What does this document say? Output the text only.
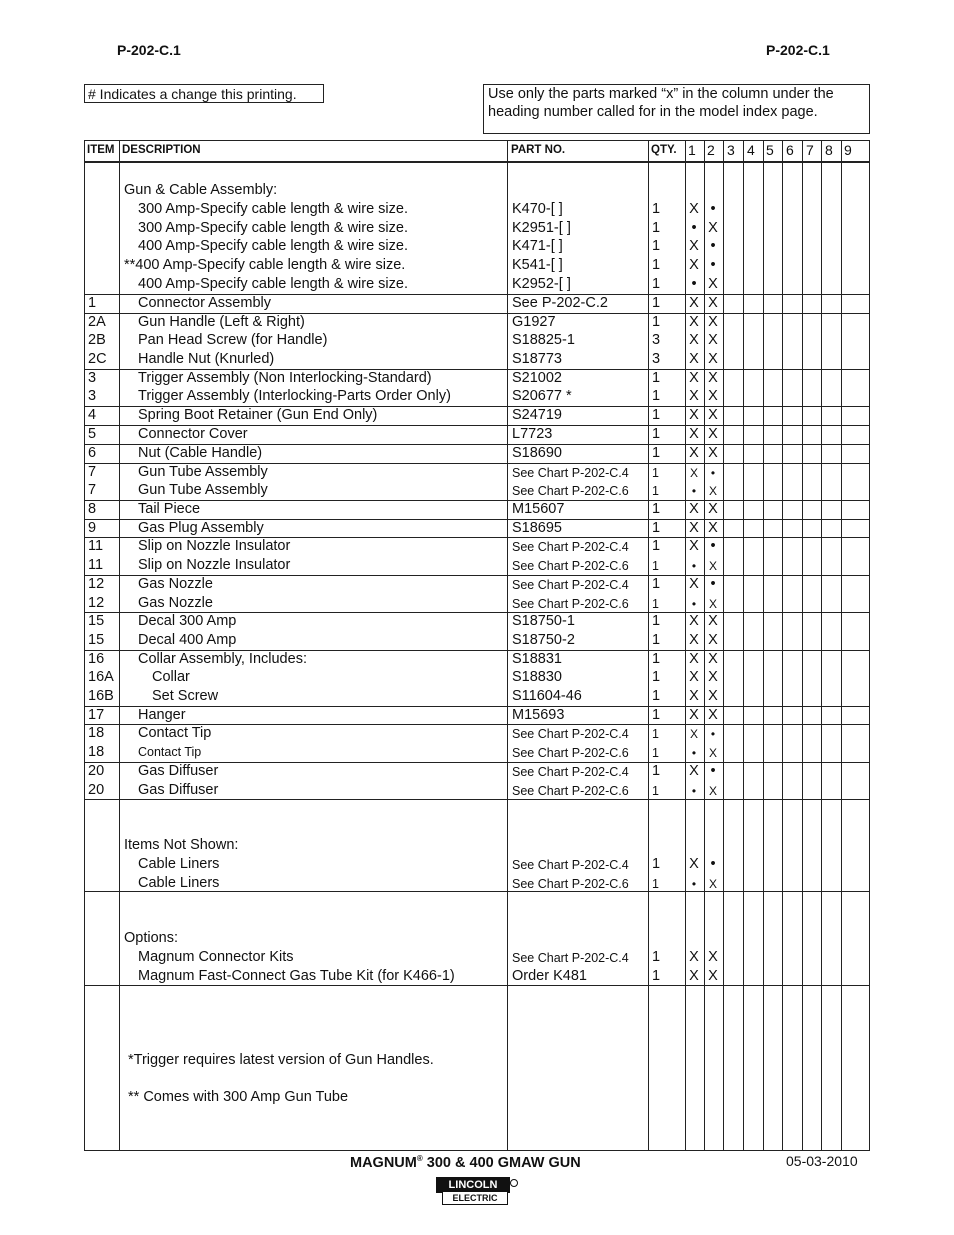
P-202-C.1	P-202-C.1
# Indicates a change this printing.	Use only the parts marked “x” in the column under the
heading number called for in the model index page.
ITEM DESCRIPTION	PART NO.	QTY. 1 2 3 4 5 6 7 8 9
Gun & Cable Assembly:
300 Amp-Specify cable length & wire size.	K470-[ ]	1 X •
300 Amp-Specify cable length & wire size.	K2951-[ ]	1 • X
400 Amp-Specify cable length & wire size.	K471-[ ]	1 X •
**400 Amp-Specify cable length & wire size.	K541-[ ]	1 X •
400 Amp-Specify cable length & wire size.	K2952-[ ]	1 • X
1	Connector Assembly	See P-202-C.2	1 X X
2A Gun Handle (Left & Right)	G1927	1 X X
2B Pan Head Screw (for Handle)	S18825-1	3 X X
2C Handle Nut (Knurled)	S18773	3 X X
3	Trigger Assembly (Non Interlocking-Standard)	S21002	1 X X
3	Trigger Assembly (Interlocking-Parts Order Only)	S20677 *	1 X X
4	Spring Boot Retainer (Gun End Only)	S24719	1 X X
5	Connector Cover	L7723	1 X X
6	Nut (Cable Handle)	S18690	1 X X
7	Gun Tube Assembly	See Chart P-202-C.4 1	X	•
7	Gun Tube Assembly	See Chart P-202-C.6 1	•	X
8	Tail Piece	M15607	1 X X
9	Gas Plug Assembly	S18695	1 X X
11 Slip on Nozzle Insulator	See Chart P-202-C.4 1 X •
11 Slip on Nozzle Insulator	See Chart P-202-C.6 1	•	X
12 Gas Nozzle	See Chart P-202-C.4 1 X •
12 Gas Nozzle	See Chart P-202-C.6 1	•	X
15 Decal 300 Amp	S18750-1	1 X X
15 Decal 400 Amp	S18750-2	1 X X
16 Collar Assembly, Includes:	S18831	1 X X
16A	Collar	S18830	1 X X
16B	Set Screw	S11604-46	1 X X
17 Hanger	M15693	1 X X
18 Contact Tip	See Chart P-202-C.4 1	X	•
18	Contact Tip	See Chart P-202-C.6 1	•	X
20 Gas Diffuser	See Chart P-202-C.4 1 X •
20 Gas Diffuser	See Chart P-202-C.6 1	•	X
Items Not Shown:
Cable Liners	See Chart P-202-C.4 1 X •
Cable Liners	See Chart P-202-C.6 1	•	X
Options:
Magnum Connector Kits	See Chart P-202-C.4 1 X X
Magnum Fast-Connect Gas Tube Kit (for K466-1)	Order K481	1 X X
*Trigger requires latest version of Gun Handles.
** Comes with 300 Amp Gun Tube
MAGNUM® 300 & 400 GMAW GUN	05-03-2010
LINCOLN
ELECTRIC
